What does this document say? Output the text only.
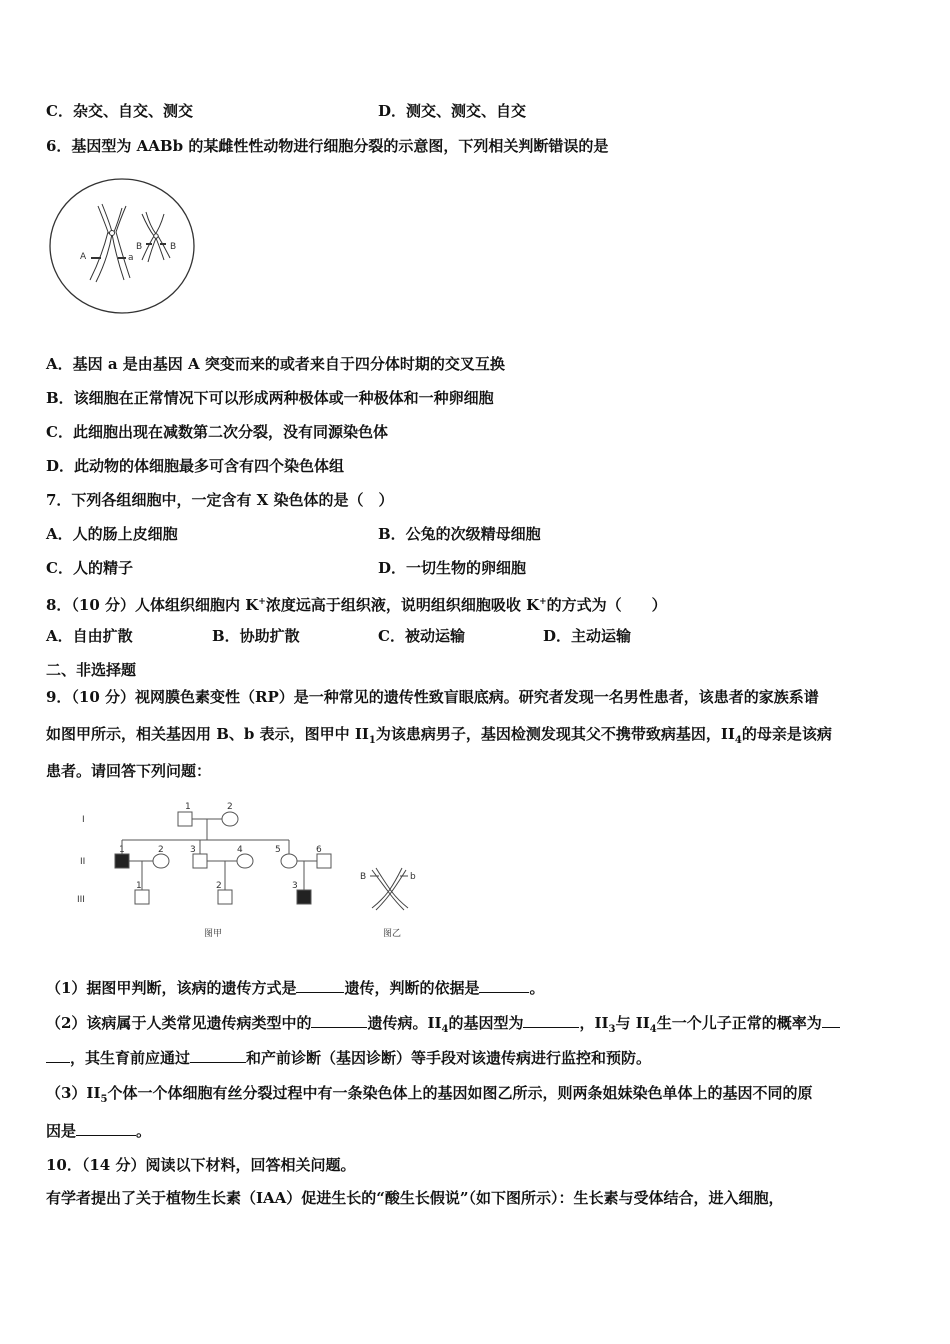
C．杂交、自交、测交	D．测交、测交、自交
6．基因型为 AABb 的某雌性性动物进行细胞分裂的示意图，下列相关判断错误的是
A	a
B	B
A．基因 a 是由基因 A 突变而来的或者来自于四分体时期的交叉互换
B．该细胞在正常情况下可以形成两种极体或一种极体和一种卵细胞
C．此细胞出现在减数第二次分裂，没有同源染色体
D．此动物的体细胞最多可含有四个染色体组
7．下列各组细胞中，一定含有 X 染色体的是（　）
A．人的肠上皮细胞	B．公兔的次级精母细胞
C．人的精子	D．一切生物的卵细胞
8．（10 分）人体组织细胞内 K+浓度远高于组织液，说明组织细胞吸收 K+的方式为（　　）
A．自由扩散	B．协助扩散	C．被动运输	D．主动运输
二、非选择题
9．（10 分）视网膜色素变性（RP）是一种常见的遗传性致盲眼底病。研究者发现一名男性患者，该患者的家族系谱
如图甲所示，相关基因用 B、b 表示，图甲中 $II_1$为该患病男子，基因检测发现其父不携带致病基因，$II_4$的母亲是该病
患者。请回答下列问题：
I
II
III
1	2
1	2	3	4	5	6
1	2	3
B	b
图甲	图乙
（1）据图甲判断，该病的遗传方式是	遗传，判断的依据是	。
（2）该病属于人类常见遗传病类型中的	遗传病。$II_4$的基因型为	，$II_3$与 $II_4$生一个儿子正常的概率为
，其生育前应通过	和产前诊断（基因诊断）等手段对该遗传病进行监控和预防。
$(3)II_5$个体一个体细胞有丝分裂过程中有一条染色体上的基因如图乙所示，则两条姐妹染色单体上的基因不同的原
因是	。
10．（14 分）阅读以下材料，回答相关问题。
有学者提出了关于植物生长素（IAA）促进生长的“酸生长假说”（如下图所示）：生长素与受体结合，进入细胞，
